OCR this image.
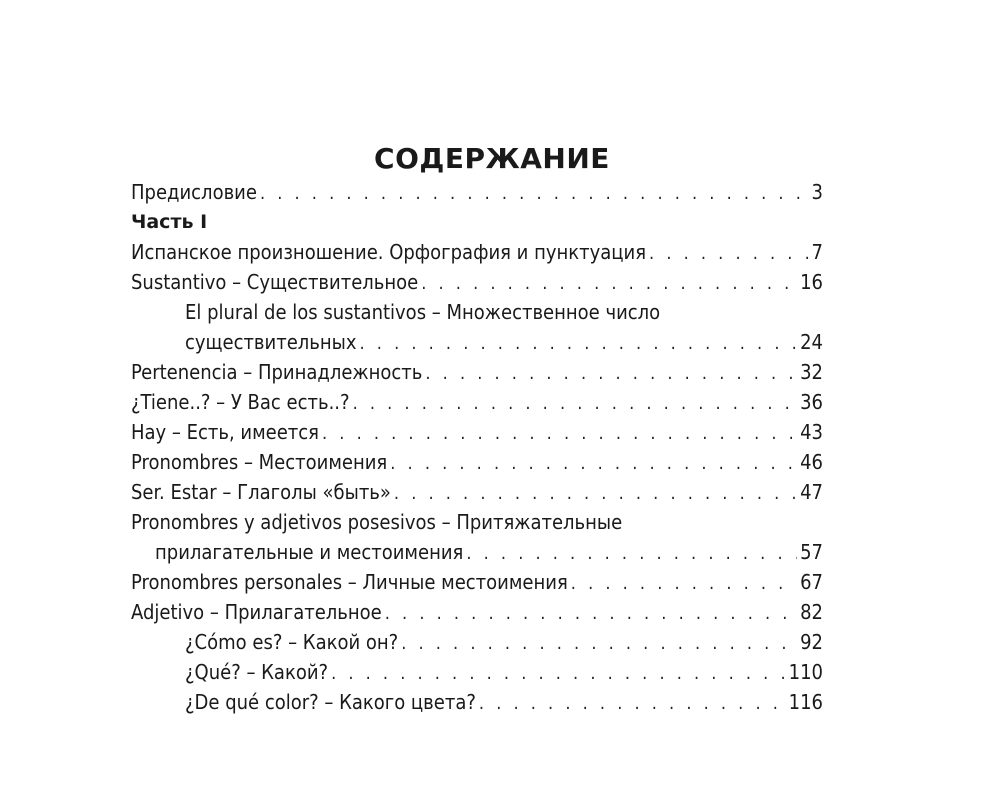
СОДЕРЖАНИЕ
Предисловие . . .	3
Часть I
Испанское произношение. Орфография и пунктуация . . .	7
Sustantivo – Существительное . . .	16
El plural de los sustantivos – Множественное число
существительных . . .	24
Pertenencia – Принадлежность . . .	32
¿Tiene..? – У Вас есть..? . . .	36
Hay – Есть, имеется . . .	43
Pronombres – Местоимения . . .	46
Ser. Estar – Глаголы «быть» . . .	47
Pronombres y adjetivos posesivos – Притяжательные
прилагательные и местоимения . . .	57
Pronombres personales – Личные местоимения . . .	67
Adjetivo – Прилагательное . . .	82
¿Cómo es? – Какой он? . . .	92
¿Qué? – Какой? . . .	110
¿De qué color? – Какого цвета? . . .	116
